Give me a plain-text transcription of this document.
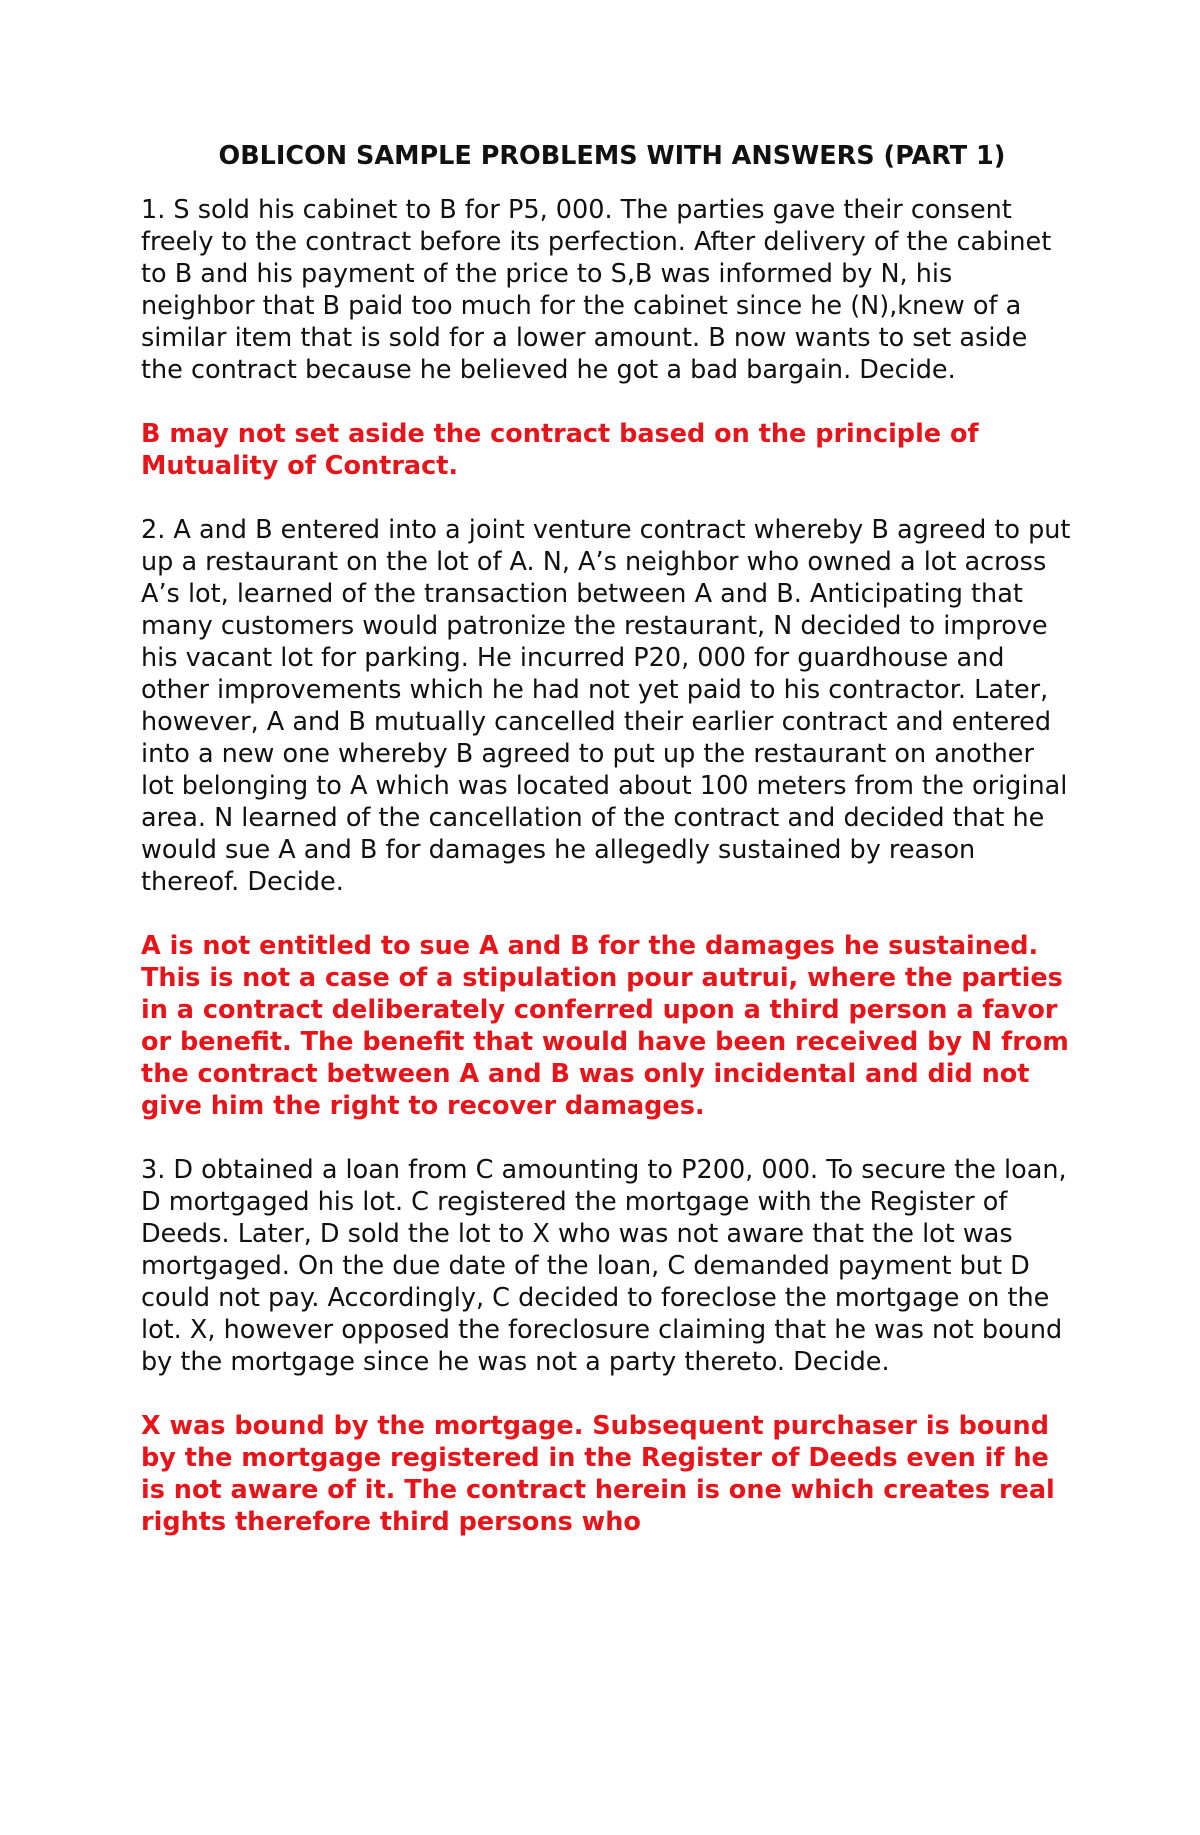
OBLICON SAMPLE PROBLEMS WITH ANSWERS (PART 1)
1. S sold his cabinet to B for P5, 000. The parties gave their consent freely to the contract before its perfection. After delivery of the cabinet to B and his payment of the price to S,B was informed by N, his neighbor that B paid too much for the cabinet since he (N),knew of a similar item that is sold for a lower amount. B now wants to set aside the contract because he believed he got a bad bargain. Decide.
B may not set aside the contract based on the principle of Mutuality of Contract.
2. A and B entered into a joint venture contract whereby B agreed to put up a restaurant on the lot of A. N, A’s neighbor who owned a lot across A’s lot, learned of the transaction between A and B. Anticipating that many customers would patronize the restaurant, N decided to improve his vacant lot for parking. He incurred P20, 000 for guardhouse and other improvements which he had not yet paid to his contractor. Later, however, A and B mutually cancelled their earlier contract and entered into a new one whereby B agreed to put up the restaurant on another lot belonging to A which was located about 100 meters from the original area. N learned of the cancellation of the contract and decided that he would sue A and B for damages he allegedly sustained by reason thereof. Decide.
A is not entitled to sue A and B for the damages he sustained. This is not a case of a stipulation pour autrui, where the parties in a contract deliberately conferred upon a third person a favor or benefit. The benefit that would have been received by N from the contract between A and B was only incidental and did not give him the right to recover damages.
3. D obtained a loan from C amounting to P200, 000. To secure the loan, D mortgaged his lot. C registered the mortgage with the Register of Deeds. Later, D sold the lot to X who was not aware that the lot was mortgaged. On the due date of the loan, C demanded payment but D could not pay. Accordingly, C decided to foreclose the mortgage on the lot. X, however opposed the foreclosure claiming that he was not bound by the mortgage since he was not a party thereto. Decide.
X was bound by the mortgage. Subsequent purchaser is bound by the mortgage registered in the Register of Deeds even if he is not aware of it. The contract herein is one which creates real rights therefore third persons who
